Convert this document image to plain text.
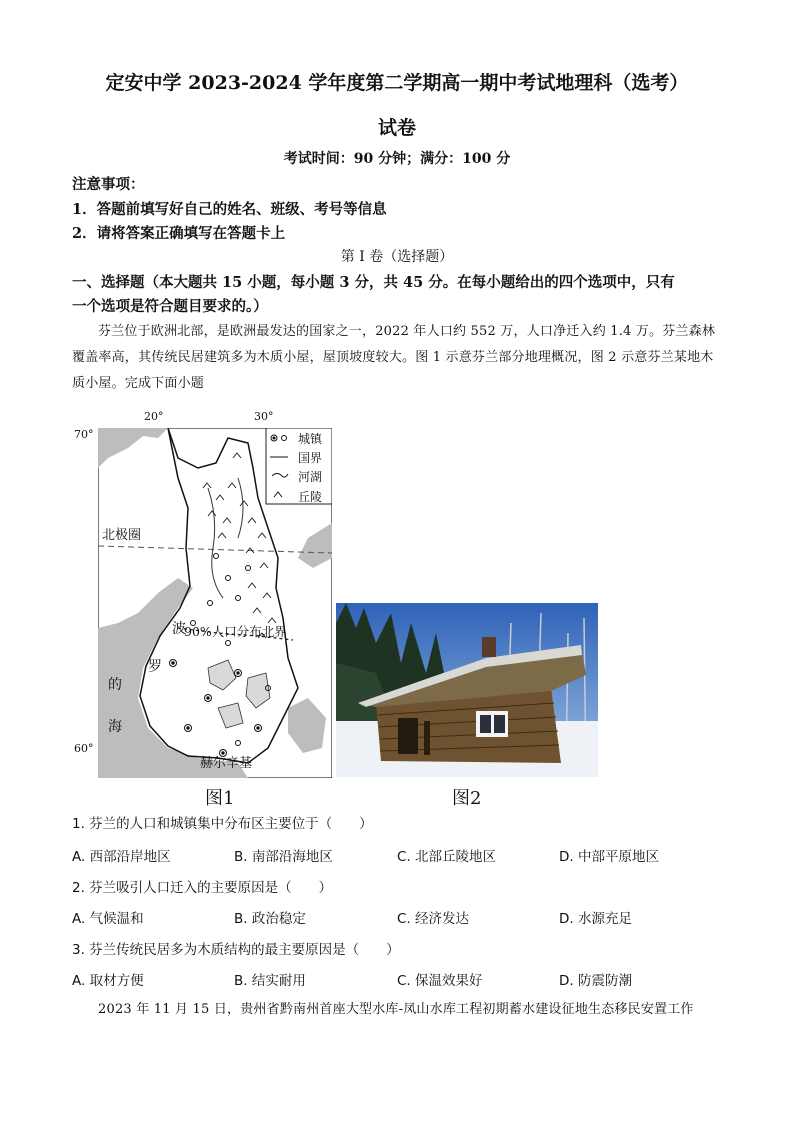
定安中学 2023-2024 学年度第二学期高一期中考试地理科（选考）
试卷
考试时间：90 分钟；满分：100 分
注意事项：
1．答题前填写好自己的姓名、班级、考号等信息
2．请将答案正确填写在答题卡上
第 I 卷（选择题）
一、选择题（本大题共 15 小题，每小题 3 分，共 45 分。在每小题给出的四个选项中，只有
一个选项是符合题目要求的。）
芬兰位于欧洲北部，是欧洲最发达的国家之一，2022 年人口约 552 万，人口净迁入约 1.4 万。芬兰森林覆盖率高，其传统民居建筑多为木质小屋，屋顶坡度较大。图 1 示意芬兰部分地理概况，图 2 示意芬兰某地木质小屋。完成下面小题
20°	30°
70°
60°
城镇
国界
河湖
丘陵
北极圈
波
罗
的
海
90%人口分布北界
赫尔辛基
图1	图2
1. 芬兰的人口和城镇集中分布区主要位于（　　）
A. 西部沿岸地区	B. 南部沿海地区	C. 北部丘陵地区	D. 中部平原地区
2. 芬兰吸引人口迁入的主要原因是（　　）
A. 气候温和	B. 政治稳定	C. 经济发达	D. 水源充足
3. 芬兰传统民居多为木质结构的最主要原因是（　　）
A. 取材方便	B. 结实耐用	C. 保温效果好	D. 防震防潮
2023 年 11 月 15 日，贵州省黔南州首座大型水库-凤山水库工程初期蓄水建设征地生态移民安置工作
